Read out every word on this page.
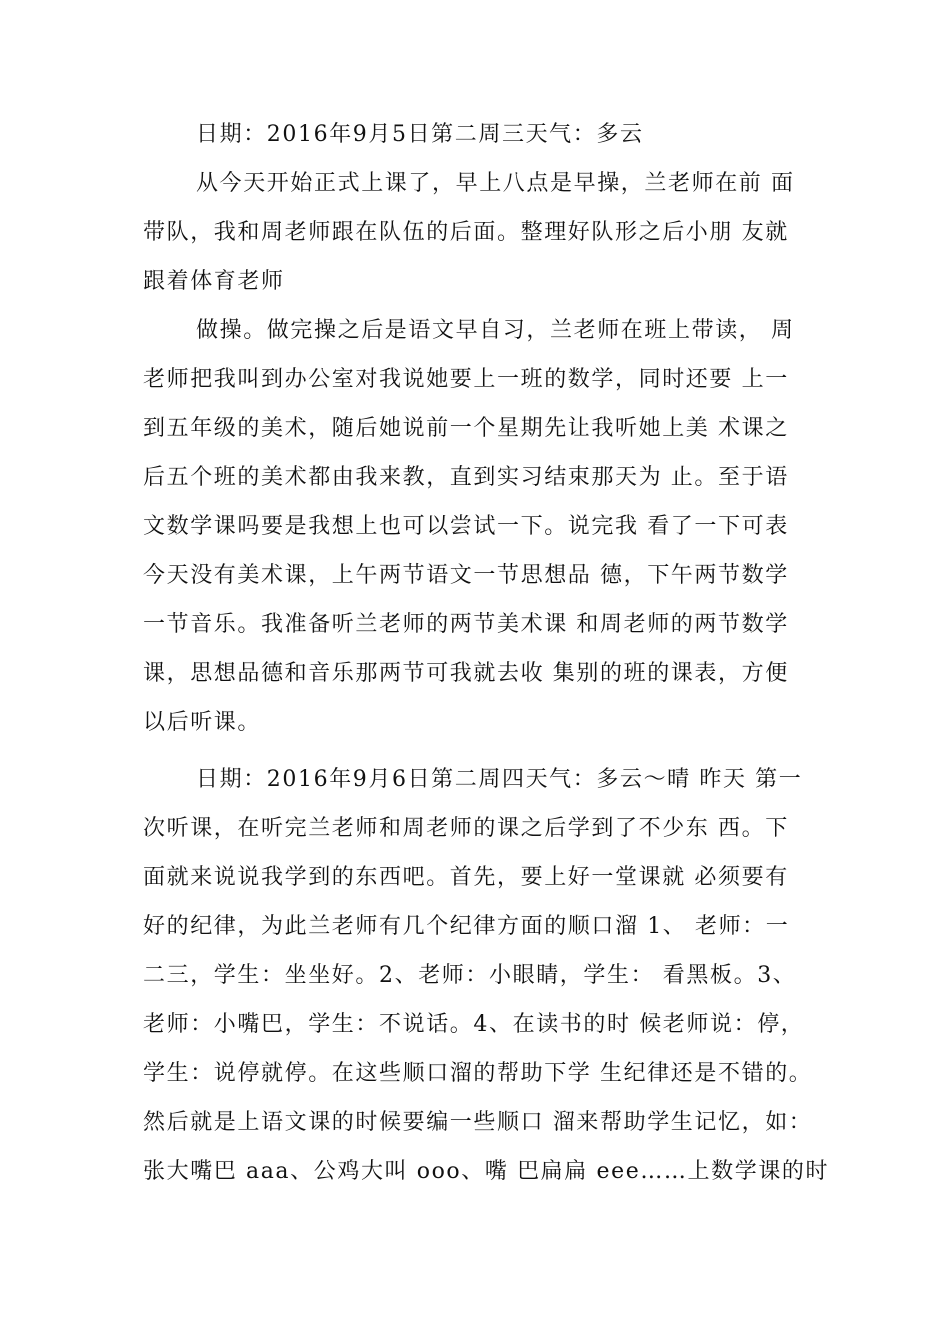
日期：2016年9月5日第二周三天气：多云
从今天开始正式上课了，早上八点是早操，兰老师在前 面
带队，我和周老师跟在队伍的后面。整理好队形之后小朋 友就
跟着体育老师
做操。做完操之后是语文早自习，兰老师在班上带读， 周
老师把我叫到办公室对我说她要上一班的数学，同时还要 上一
到五年级的美术，随后她说前一个星期先让我听她上美 术课之
后五个班的美术都由我来教，直到实习结束那天为 止。至于语
文数学课吗要是我想上也可以尝试一下。说完我 看了一下可表
今天没有美术课，上午两节语文一节思想品 德，下午两节数学
一节音乐。我准备听兰老师的两节美术课 和周老师的两节数学
课，思想品德和音乐那两节可我就去收 集别的班的课表，方便
以后听课。
日期：2016年9月6日第二周四天气：多云～晴 昨天 第一
次听课，在听完兰老师和周老师的课之后学到了不少东 西。下
面就来说说我学到的东西吧。首先，要上好一堂课就 必须要有
好的纪律，为此兰老师有几个纪律方面的顺口溜 1、 老师：一
二三，学生：坐坐好。2、老师：小眼睛，学生： 看黑板。3、
老师：小嘴巴，学生：不说话。4、在读书的时 候老师说：停，
学生：说停就停。在这些顺口溜的帮助下学 生纪律还是不错的。
然后就是上语文课的时候要编一些顺口 溜来帮助学生记忆，如：
张大嘴巴 aaa、公鸡大叫 ooo、嘴 巴扁扁 eee……上数学课的时
